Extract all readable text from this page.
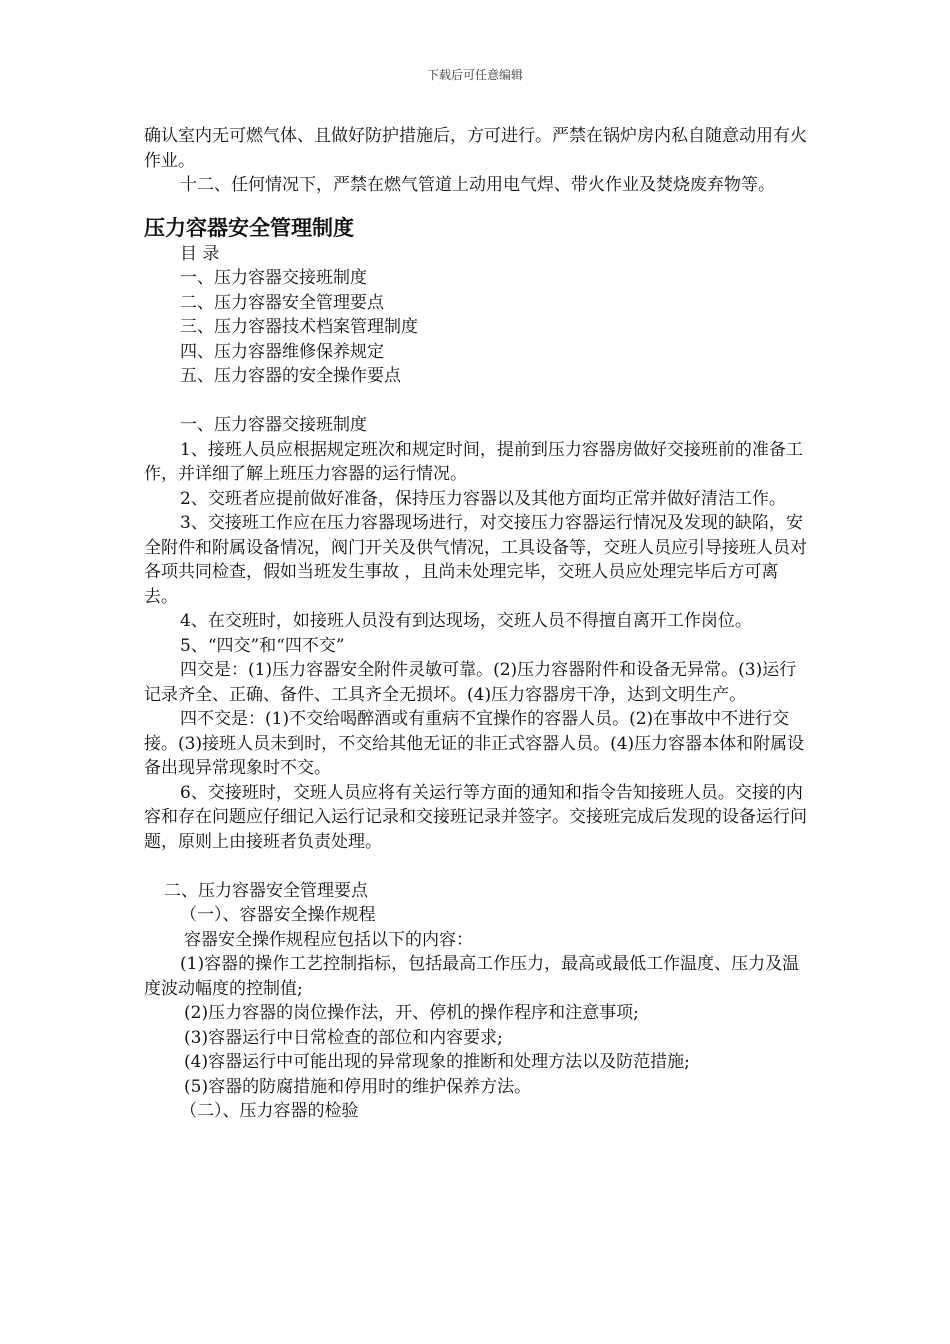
下载后可任意编辑

确认室内无可燃气体、且做好防护措施后，方可进行。严禁在锅炉房内私自随意动用有火作业。

十二、任何情况下，严禁在燃气管道上动用电气焊、带火作业及焚烧废弃物等。

压力容器安全管理制度

目 录

一、压力容器交接班制度

二、压力容器安全管理要点

三、压力容器技术档案管理制度

四、压力容器维修保养规定

五、压力容器的安全操作要点

一、压力容器交接班制度

1、接班人员应根据规定班次和规定时间，提前到压力容器房做好交接班前的准备工作，并详细了解上班压力容器的运行情况。

2、交班者应提前做好准备，保持压力容器以及其他方面均正常并做好清洁工作。

3、交接班工作应在压力容器现场进行，对交接压力容器运行情况及发现的缺陷，安全附件和附属设备情况，阀门开关及供气情况，工具设备等，交班人员应引导接班人员对各项共同检查，假如当班发生事故 ，且尚未处理完毕，交班人员应处理完毕后方可离去。

4、在交班时，如接班人员没有到达现场，交班人员不得擅自离开工作岗位。

5、“四交”和“四不交”

四交是：(1)压力容器安全附件灵敏可靠。(2)压力容器附件和设备无异常。(3)运行记录齐全、正确、备件、工具齐全无损坏。(4)压力容器房干净，达到文明生产。

四不交是：(1)不交给喝醉酒或有重病不宜操作的容器人员。(2)在事故中不进行交接。(3)接班人员未到时，不交给其他无证的非正式容器人员。(4)压力容器本体和附属设备出现异常现象时不交。

6、交接班时，交班人员应将有关运行等方面的通知和指令告知接班人员。交接的内容和存在问题应仔细记入运行记录和交接班记录并签字。交接班完成后发现的设备运行问题，原则上由接班者负责处理。

二、压力容器安全管理要点

（一）、容器安全操作规程

容器安全操作规程应包括以下的内容：

(1)容器的操作工艺控制指标，包括最高工作压力，最高或最低工作温度、压力及温度波动幅度的控制值;

(2)压力容器的岗位操作法，开、停机的操作程序和注意事项;

(3)容器运行中日常检查的部位和内容要求;

(4)容器运行中可能出现的异常现象的推断和处理方法以及防范措施;

(5)容器的防腐措施和停用时的维护保养方法。

（二）、压力容器的检验
